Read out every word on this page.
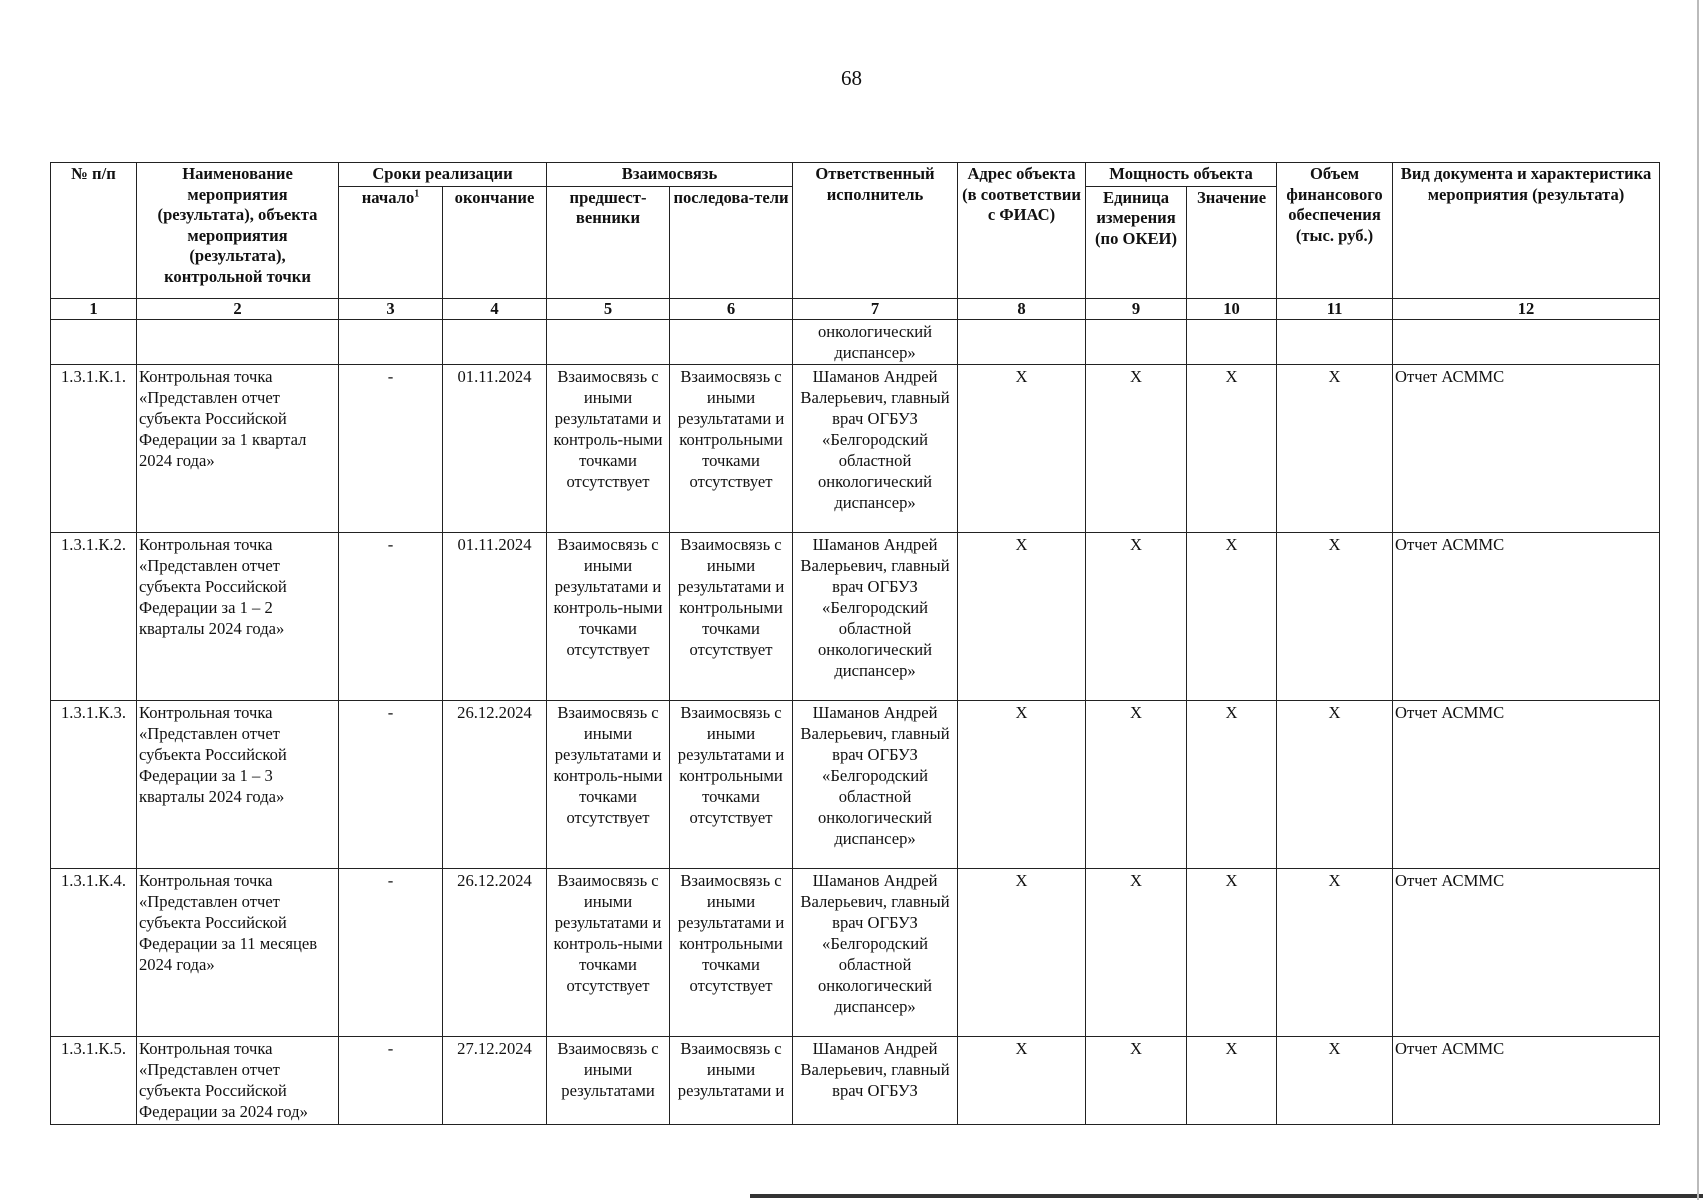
68
№ п/п	Наименование мероприятия (результата), объекта мероприятия (результата), контрольной точки	Сроки реализации		Взаимосвязь		Ответственный исполнитель	Адрес объекта (в соответствии с ФИАС)	Мощность объекта		Объем финансового обеспечения (тыс. руб.)	Вид документа и характеристика мероприятия (результата)
		начало$^1$	окончание	предшест-венники	последова-тели			Единица измерения (по ОКЕИ)	Значение		
1	2	3	4	5	6	7	8	9	10	11	12
						онкологический диспансер»					
1.3.1.К.1.	Контрольная точка «Представлен отчет субъекта Российской Федерации за 1 квартал 2024 года»	-	01.11.2024	Взаимосвязь с иными результатами и контроль-ными точками отсутствует	Взаимосвязь с иными результатами и контрольными точками отсутствует	Шаманов Андрей Валерьевич, главный врач ОГБУЗ «Белгородский областной онкологический диспансер»	X	X	X	X	Отчет АСММС
1.3.1.К.2.	Контрольная точка «Представлен отчет субъекта Российской Федерации за 1 – 2 кварталы 2024 года»	-	01.11.2024	Взаимосвязь с иными результатами и контроль-ными точками отсутствует	Взаимосвязь с иными результатами и контрольными точками отсутствует	Шаманов Андрей Валерьевич, главный врач ОГБУЗ «Белгородский областной онкологический диспансер»	X	X	X	X	Отчет АСММС
1.3.1.К.3.	Контрольная точка «Представлен отчет субъекта Российской Федерации за 1 – 3 кварталы 2024 года»	-	26.12.2024	Взаимосвязь с иными результатами и контроль-ными точками отсутствует	Взаимосвязь с иными результатами и контрольными точками отсутствует	Шаманов Андрей Валерьевич, главный врач ОГБУЗ «Белгородский областной онкологический диспансер»	X	X	X	X	Отчет АСММС
1.3.1.К.4.	Контрольная точка «Представлен отчет субъекта Российской Федерации за 11 месяцев 2024 года»	-	26.12.2024	Взаимосвязь с иными результатами и контроль-ными точками отсутствует	Взаимосвязь с иными результатами и контрольными точками отсутствует	Шаманов Андрей Валерьевич, главный врач ОГБУЗ «Белгородский областной онкологический диспансер»	X	X	X	X	Отчет АСММС
1.3.1.К.5.	Контрольная точка «Представлен отчет субъекта Российской Федерации за 2024 год»	-	27.12.2024	Взаимосвязь с иными результатами	Взаимосвязь с иными результатами и	Шаманов Андрей Валерьевич, главный врач ОГБУЗ	X	X	X	X	Отчет АСММС
